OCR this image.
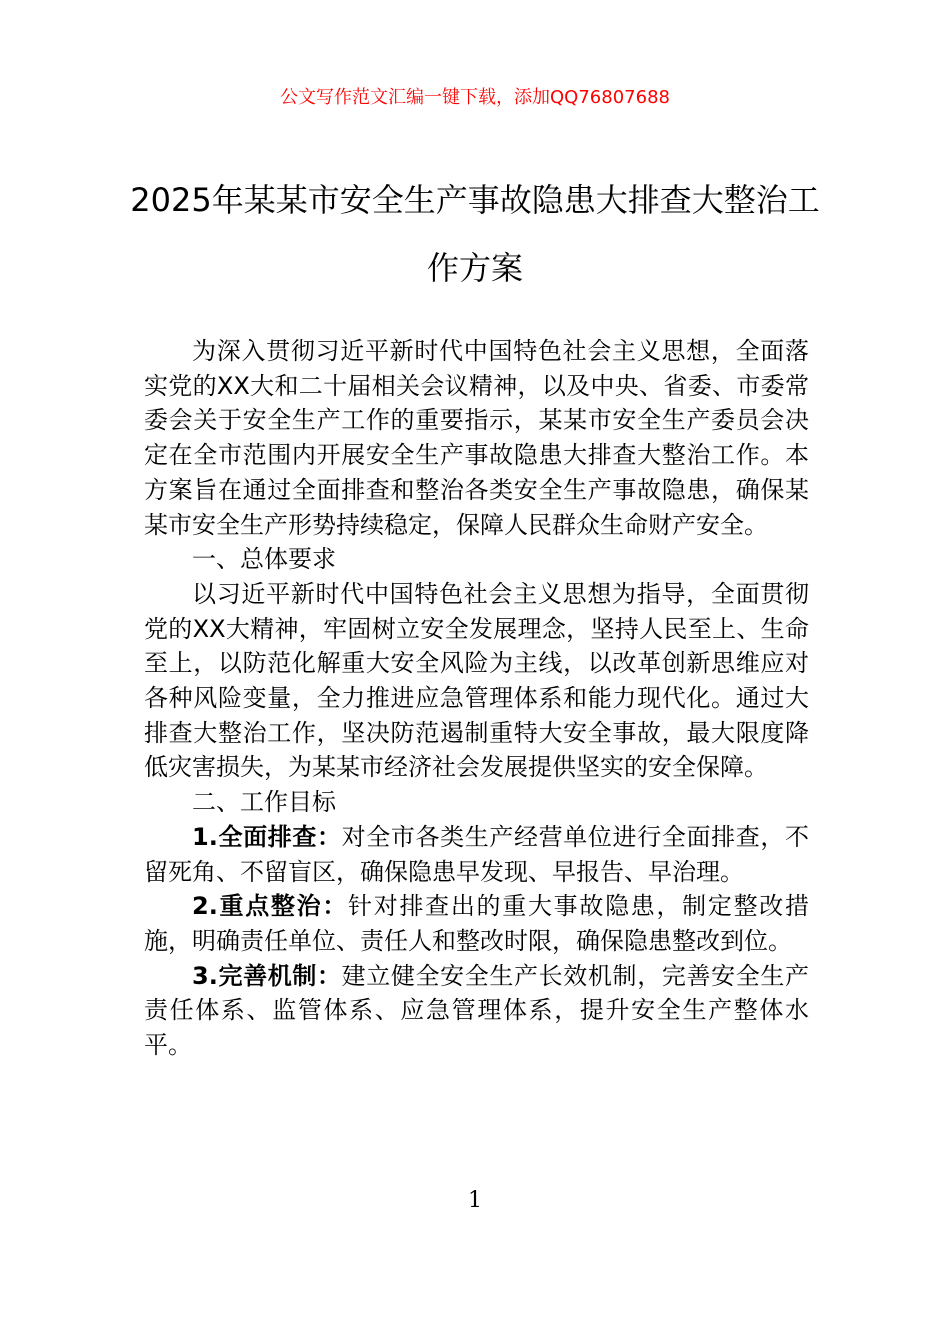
公文写作范文汇编一键下载，添加QQ76807688
2025年某某市安全生产事故隐患大排查大整治工作方案

为深入贯彻习近平新时代中国特色社会主义思想，全面落实党的XX大和二十届相关会议精神，以及中央、省委、市委常委会关于安全生产工作的重要指示，某某市安全生产委员会决定在全市范围内开展安全生产事故隐患大排查大整治工作。本方案旨在通过全面排查和整治各类安全生产事故隐患，确保某某市安全生产形势持续稳定，保障人民群众生命财产安全。

一、总体要求

以习近平新时代中国特色社会主义思想为指导，全面贯彻党的XX大精神，牢固树立安全发展理念，坚持人民至上、生命至上，以防范化解重大安全风险为主线，以改革创新思维应对各种风险变量，全力推进应急管理体系和能力现代化。通过大排查大整治工作，坚决防范遏制重特大安全事故，最大限度降低灾害损失，为某某市经济社会发展提供坚实的安全保障。

二、工作目标

1.全面排查：对全市各类生产经营单位进行全面排查，不留死角、不留盲区，确保隐患早发现、早报告、早治理。

2.重点整治：针对排查出的重大事故隐患，制定整改措施，明确责任单位、责任人和整改时限，确保隐患整改到位。

3.完善机制：建立健全安全生产长效机制，完善安全生产责任体系、监管体系、应急管理体系，提升安全生产整体水平。

1
